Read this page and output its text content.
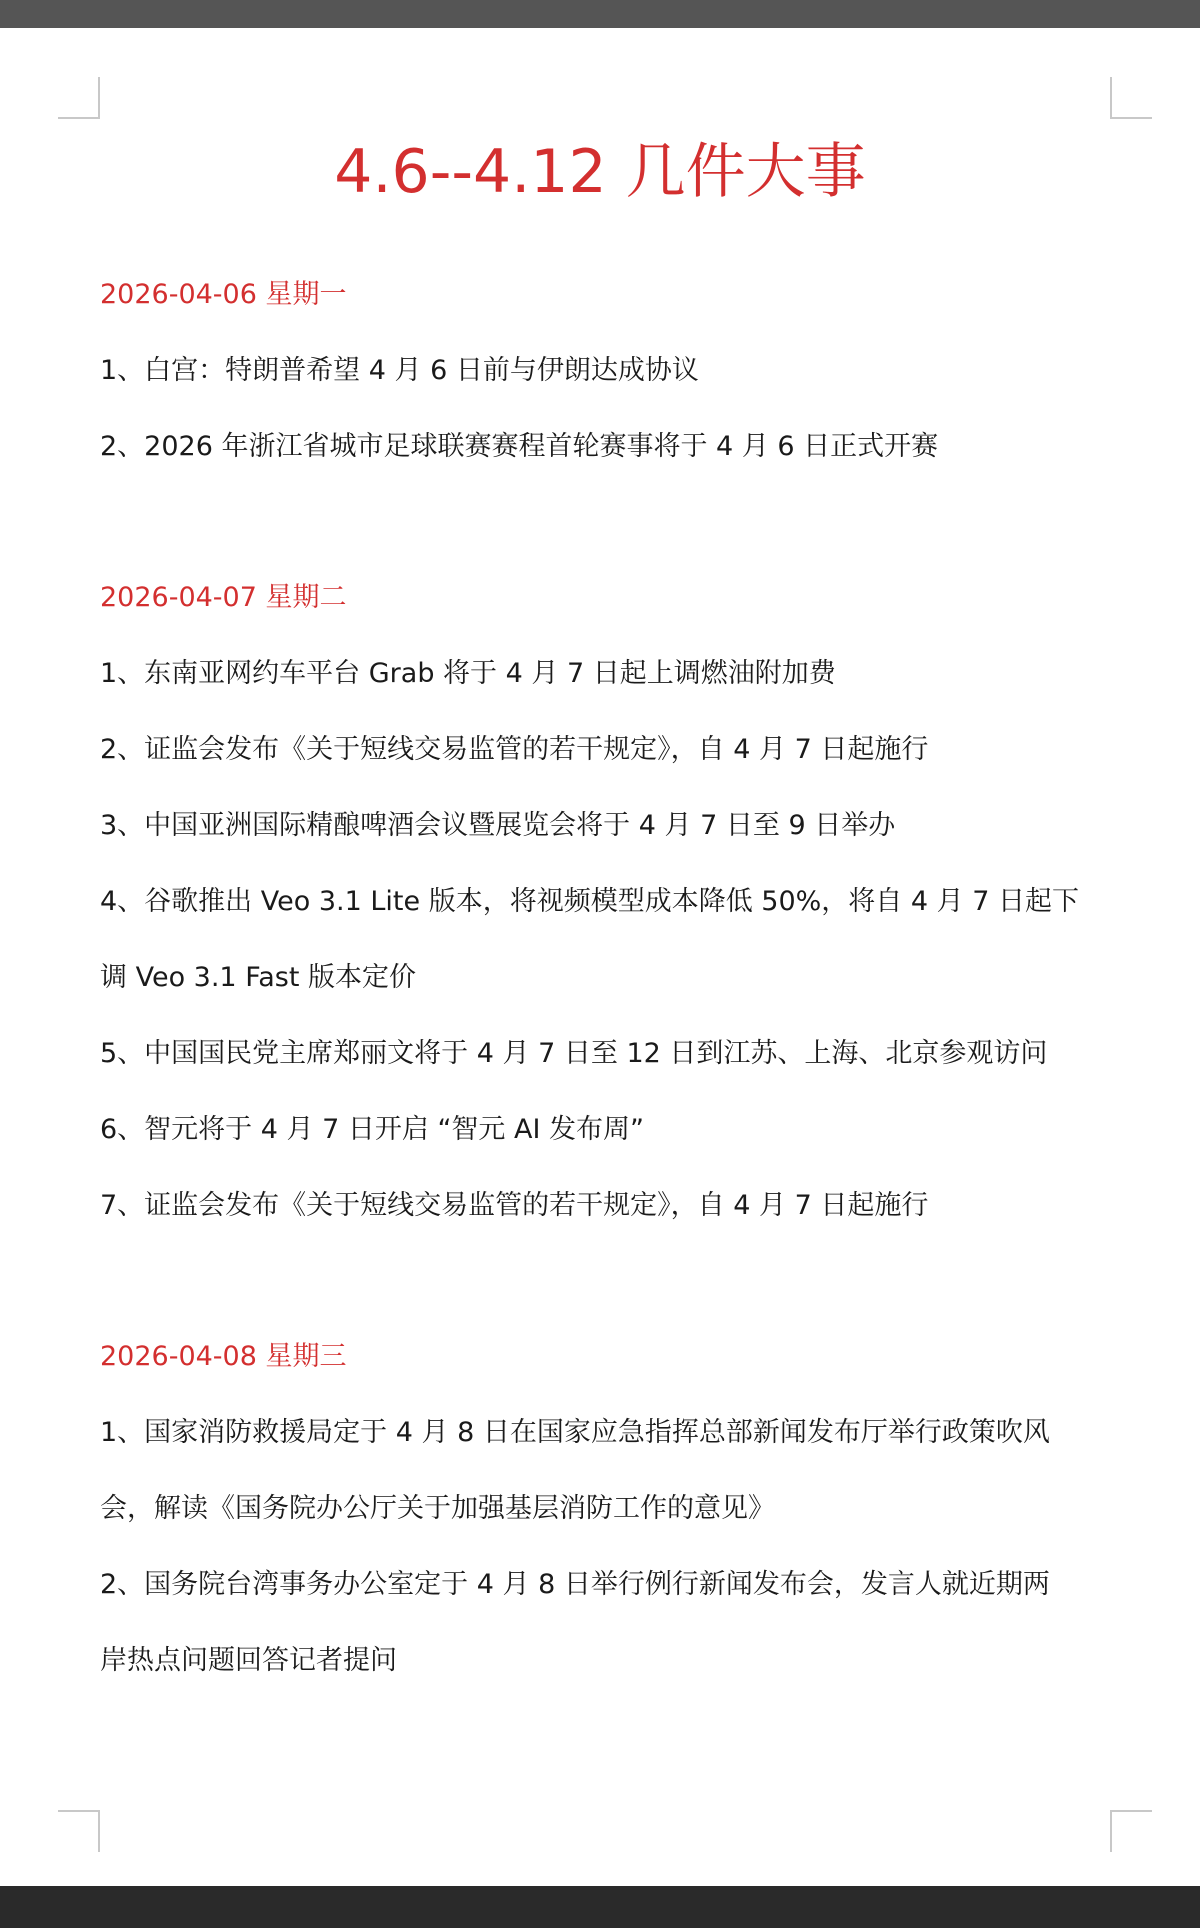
4.6--4.12 几件大事
2026-04-06 星期一
1、白宫：特朗普希望 4 月 6 日前与伊朗达成协议
2、2026 年浙江省城市足球联赛赛程首轮赛事将于 4 月 6 日正式开赛
2026-04-07 星期二
1、东南亚网约车平台 Grab 将于 4 月 7 日起上调燃油附加费
2、证监会发布《关于短线交易监管的若干规定》，自 4 月 7 日起施行
3、中国亚洲国际精酿啤酒会议暨展览会将于 4 月 7 日至 9 日举办
4、谷歌推出 Veo 3.1 Lite 版本，将视频模型成本降低 50%，将自 4 月 7 日起下
调 Veo 3.1 Fast 版本定价
5、中国国民党主席郑丽文将于 4 月 7 日至 12 日到江苏、上海、北京参观访问
6、智元将于 4 月 7 日开启 “智元 AI 发布周”
7、证监会发布《关于短线交易监管的若干规定》，自 4 月 7 日起施行
2026-04-08 星期三
1、国家消防救援局定于 4 月 8 日在国家应急指挥总部新闻发布厅举行政策吹风
会，解读《国务院办公厅关于加强基层消防工作的意见》
2、国务院台湾事务办公室定于 4 月 8 日举行例行新闻发布会，发言人就近期两
岸热点问题回答记者提问
